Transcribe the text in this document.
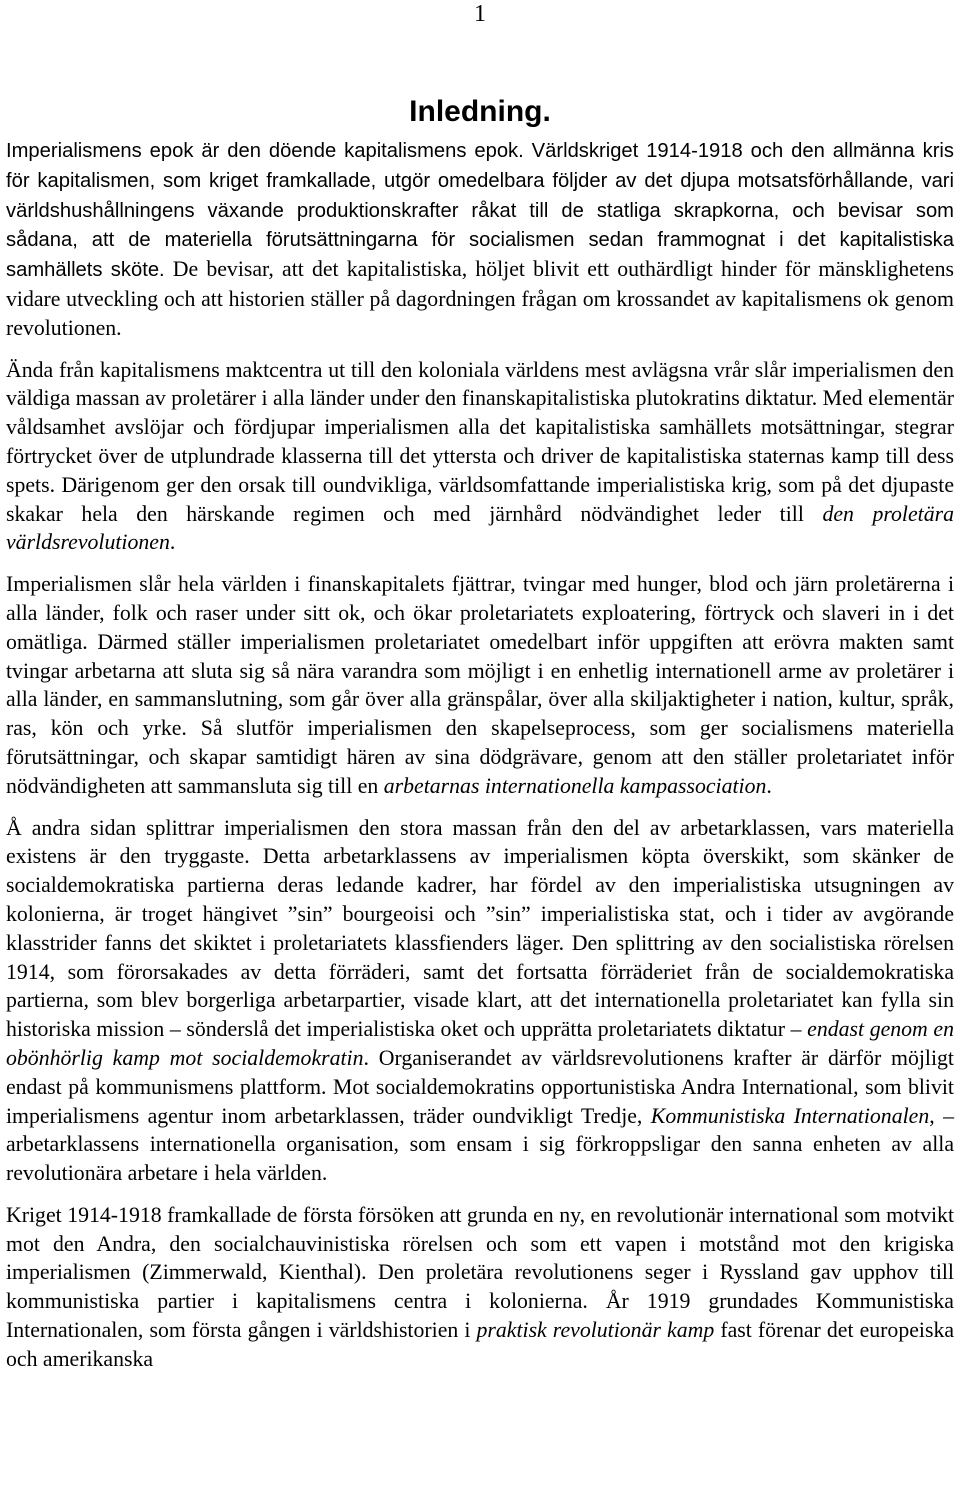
1
Inledning.

Imperialismens epok är den döende kapitalismens epok. Världskriget 1914-1918 och den allmänna kris för kapitalismen, som kriget framkallade, utgör omedelbara följder av det djupa motsatsförhållande, vari världshushållningens växande produktionskrafter råkat till de statliga skrapkorna, och bevisar som sådana, att de materiella förutsättningarna för socialismen sedan frammognat i det kapitalistiska samhällets sköte. De bevisar, att det kapitalistiska, höljet blivit ett outhärdligt hinder för mänsklighetens vidare utveckling och att historien ställer på dagordningen frågan om krossandet av kapitalismens ok genom revolutionen.

Ända från kapitalismens maktcentra ut till den koloniala världens mest avlägsna vrår slår imperialismen den väldiga massan av proletärer i alla länder under den finanskapitalistiska plutokratins diktatur. Med elementär våldsamhet avslöjar och fördjupar imperialismen alla det kapitalistiska samhällets motsättningar, stegrar förtrycket över de utplundrade klasserna till det yttersta och driver de kapitalistiska staternas kamp till dess spets. Därigenom ger den orsak till oundvikliga, världsomfattande imperialistiska krig, som på det djupaste skakar hela den härskande regimen och med järnhård nödvändighet leder till den proletära världsrevolutionen.

Imperialismen slår hela världen i finanskapitalets fjättrar, tvingar med hunger, blod och järn proletärerna i alla länder, folk och raser under sitt ok, och ökar proletariatets exploatering, förtryck och slaveri in i det omätliga. Därmed ställer imperialismen proletariatet omedelbart inför uppgiften att erövra makten samt tvingar arbetarna att sluta sig så nära varandra som möjligt i en enhetlig internationell arme av proletärer i alla länder, en sammanslutning, som går över alla gränspålar, över alla skiljaktigheter i nation, kultur, språk, ras, kön och yrke. Så slutför imperialismen den skapelseprocess, som ger socialismens materiella förutsättningar, och skapar samtidigt hären av sina dödgrävare, genom att den ställer proletariatet inför nödvändigheten att sammansluta sig till en arbetarnas internationella kampassociation.

Å andra sidan splittrar imperialismen den stora massan från den del av arbetarklassen, vars materiella existens är den tryggaste. Detta arbetarklassens av imperialismen köpta överskikt, som skänker de socialdemokratiska partierna deras ledande kadrer, har fördel av den imperialistiska utsugningen av kolonierna, är troget hängivet ”sin” bourgeoisi och ”sin” imperialistiska stat, och i tider av avgörande klasstrider fanns det skiktet i proletariatets klassfienders läger. Den splittring av den socialistiska rörelsen 1914, som förorsakades av detta förräderi, samt det fortsatta förräderiet från de socialdemokratiska partierna, som blev borgerliga arbetarpartier, visade klart, att det internationella proletariatet kan fylla sin historiska mission – sönderslå det imperialistiska oket och upprätta proletariatets diktatur – endast genom en obönhörlig kamp mot socialdemokratin. Organiserandet av världsrevolutionens krafter är därför möjligt endast på kommunismens plattform. Mot socialdemokratins opportunistiska Andra International, som blivit imperialismens agentur inom arbetarklassen, träder oundvikligt Tredje, Kommunistiska Internationalen, – arbetarklassens internationella organisation, som ensam i sig förkroppsligar den sanna enheten av alla revolutionära arbetare i hela världen.

Kriget 1914-1918 framkallade de första försöken att grunda en ny, en revolutionär international som motvikt mot den Andra, den socialchauvinistiska rörelsen och som ett vapen i motstånd mot den krigiska imperialismen (Zimmerwald, Kienthal). Den proletära revolutionens seger i Ryssland gav upphov till kommunistiska partier i kapitalismens centra i kolonierna. År 1919 grundades Kommunistiska Internationalen, som första gången i världshistorien i praktisk revolutionär kamp fast förenar det europeiska och amerikanska
